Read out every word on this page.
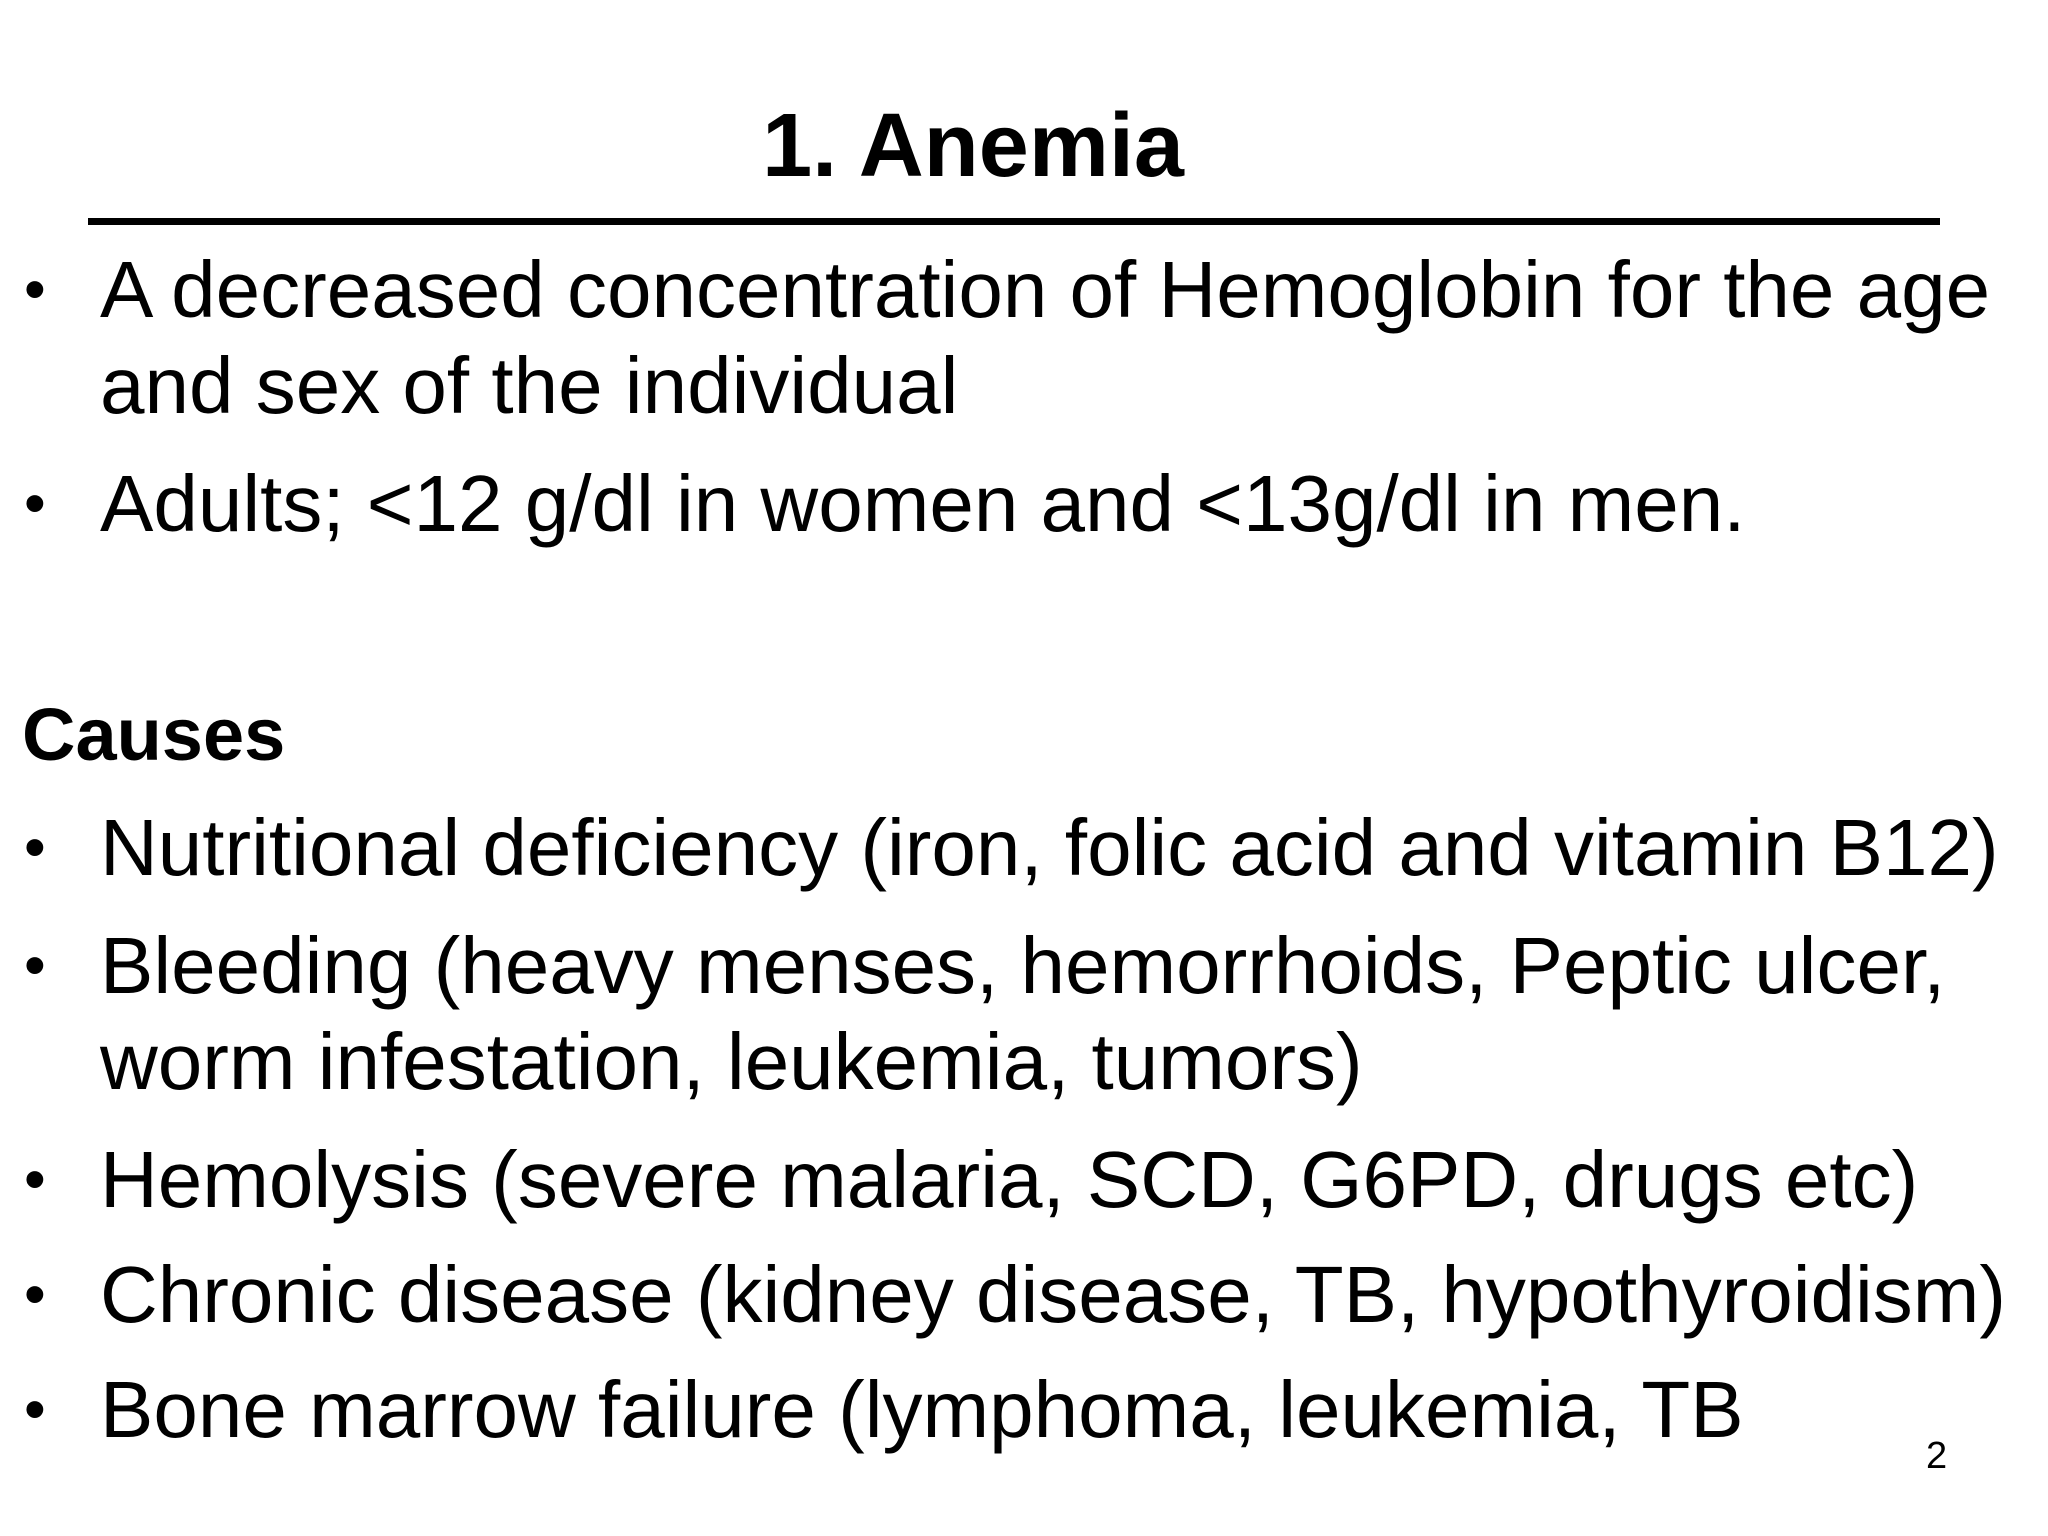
1. Anemia
• A decreased concentration of Hemoglobin for the age
and sex of the individual
• Adults; <12 g/dl in women and <13g/dl in men.
Causes
• Nutritional deficiency (iron, folic acid and vitamin B12)
• Bleeding (heavy menses, hemorrhoids, Peptic ulcer,
worm infestation, leukemia, tumors)
• Hemolysis (severe malaria, SCD, G6PD, drugs etc)
• Chronic disease (kidney disease, TB, hypothyroidism)
• Bone marrow failure (lymphoma, leukemia, TB
2
